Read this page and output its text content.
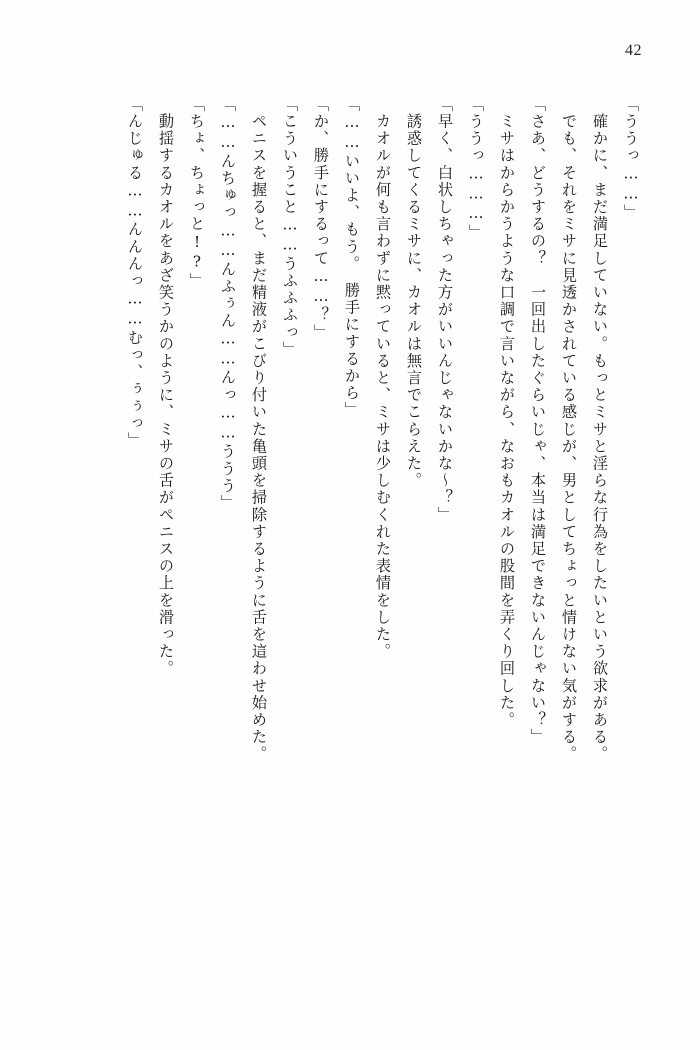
42
「ううっ……」
　確かに、まだ満足していない。もっとミサと淫らな行為をしたいという欲求がある。
　でも、それをミサに見透かされている感じが、男としてちょっと情けない気がする。
「さあ、どうするの？　一回出したぐらいじゃ、本当は満足できないんじゃない？」
　ミサはからかうような口調で言いながら、なおもカオルの股間を弄くり回した。
「ううっ………」
「早く、白状しちゃった方がいいんじゃないかな～？」
　誘惑してくるミサに、カオルは無言でこらえた。
　カオルが何も言わずに黙っていると、ミサは少しむくれた表情をした。
「……いいよ、もう。　勝手にするから」
「か、勝手にするって……？」
「こういうこと……うふふふっ」
　ペニスを握ると、まだ精液がこびり付いた亀頭を掃除するように舌を這わせ始めた。
「……んちゅっ……んふぅん……んっ……ううう」
「ちょ、ちょっと!?」
　動揺するカオルをあざ笑うかのように、ミサの舌がペニスの上を滑った。
「んじゅる……んんんっ……むっ、ぅぅっ」
